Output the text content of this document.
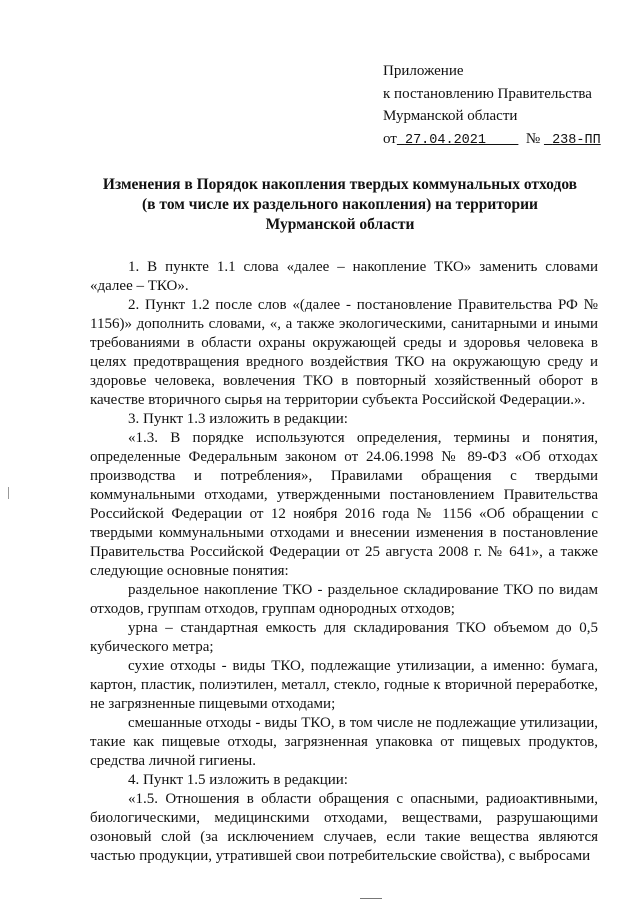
Приложение
к постановлению Правительства
Мурманской области
от 27.04.2021	№ 238-ПП
Изменения в Порядок накопления твердых коммунальных отходов
(в том числе их раздельного накопления) на территории
Мурманской области

1. В пункте 1.1 слова «далее – накопление ТКО» заменить словами «далее – ТКО».

2. Пункт 1.2 после слов «(далее - постановление Правительства РФ № 1156)» дополнить словами, «, а также экологическими, санитарными и иными требованиями в области охраны окружающей среды и здоровья человека в целях предотвращения вредного воздействия ТКО на окружающую среду и здоровье человека, вовлечения ТКО в повторный хозяйственный оборот в качестве вторичного сырья на территории субъекта Российской Федерации.».

3. Пункт 1.3 изложить в редакции:

«1.3. В порядке используются определения, термины и понятия, определенные Федеральным законом от 24.06.1998 № 89-ФЗ «Об отходах производства и потребления», Правилами обращения с твердыми коммунальными отходами, утвержденными постановлением Правительства Российской Федерации от 12 ноября 2016 года № 1156 «Об обращении с твердыми коммунальными отходами и внесении изменения в постановление Правительства Российской Федерации от 25 августа 2008 г. № 641», а также следующие основные понятия:

раздельное накопление ТКО - раздельное складирование ТКО по видам отходов, группам отходов, группам однородных отходов;

урна – стандартная емкость для складирования ТКО объемом до 0,5 кубического метра;

сухие отходы - виды ТКО, подлежащие утилизации, а именно: бумага, картон, пластик, полиэтилен, металл, стекло, годные к вторичной переработке, не загрязненные пищевыми отходами;

смешанные отходы - виды ТКО, в том числе не подлежащие утилизации, такие как пищевые отходы, загрязненная упаковка от пищевых продуктов, средства личной гигиены.

4. Пункт 1.5 изложить в редакции:

«1.5. Отношения в области обращения с опасными, радиоактивными, биологическими, медицинскими отходами, веществами, разрушающими озоновый слой (за исключением случаев, если такие вещества являются частью продукции, утратившей свои потребительские свойства), с выбросами
